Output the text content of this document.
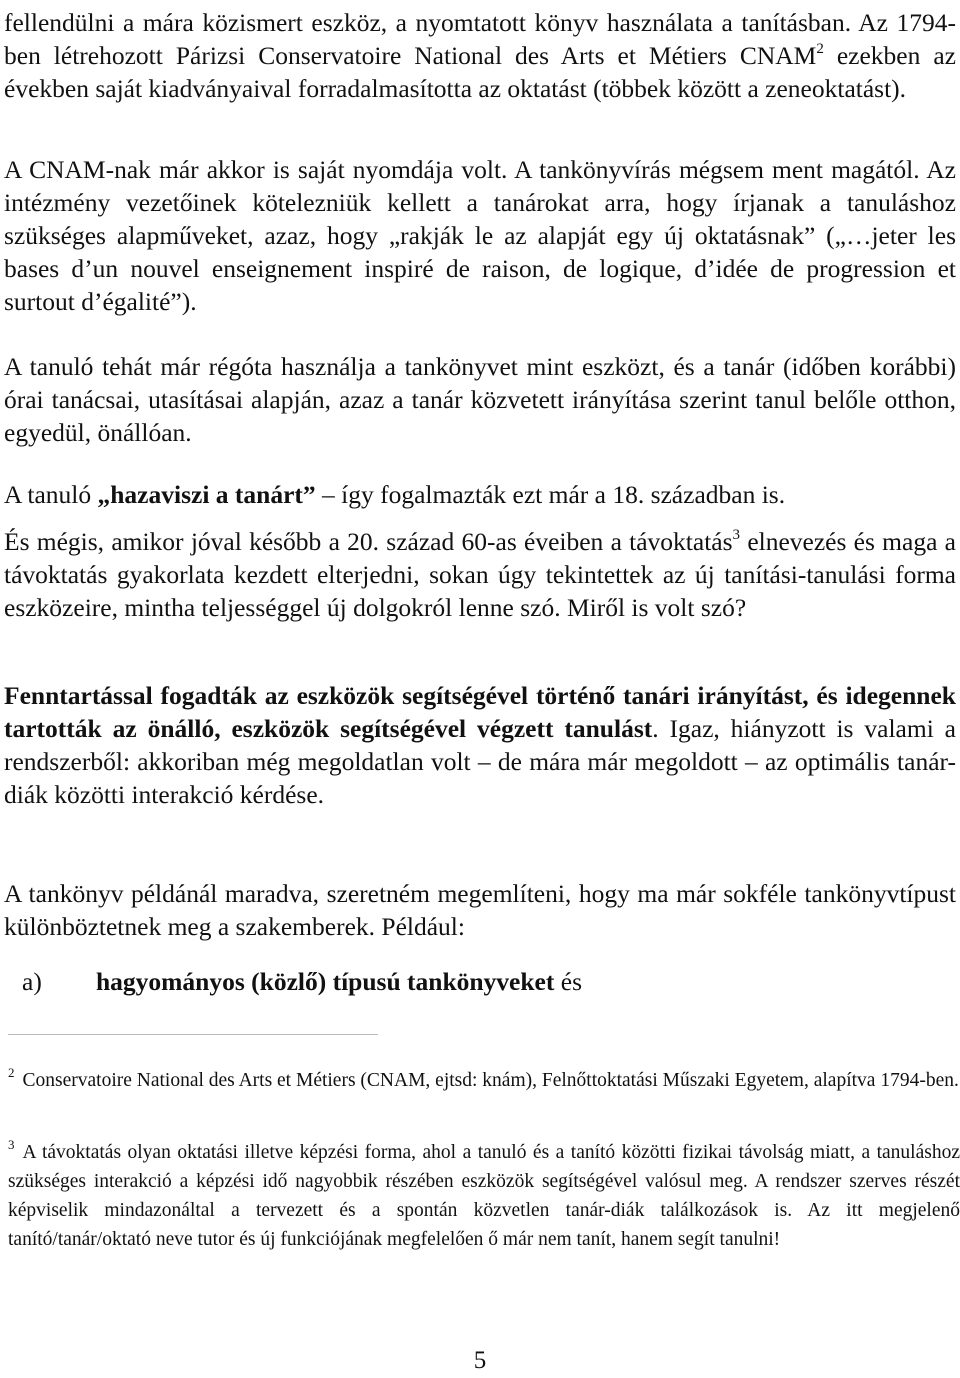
fellendülni a mára közismert eszköz, a nyomtatott könyv használata a tanításban. Az 1794-ben létrehozott Párizsi Conservatoire National des Arts et Métiers CNAM$^2$ ezekben az években saját kiadványaival forradalmasította az oktatást (többek között a zeneoktatást).

A CNAM-nak már akkor is saját nyomdája volt. A tankönyvírás mégsem ment magától. Az intézmény vezetőinek kötelezniük kellett a tanárokat arra, hogy írjanak a tanuláshoz szükséges alapműveket, azaz, hogy „rakják le az alapját egy új oktatásnak” („…jeter les bases d’un nouvel enseignement inspiré de raison, de logique, d’idée de progression et surtout d’égalité”).

A tanuló tehát már régóta használja a tankönyvet mint eszközt, és a tanár (időben korábbi) órai tanácsai, utasításai alapján, azaz a tanár közvetett irányítása szerint tanul belőle otthon, egyedül, önállóan.

A tanuló „hazaviszi a tanárt” – így fogalmazták ezt már a 18. században is.

És mégis, amikor jóval később a 20. század 60-as éveiben a távoktatás$^3$ elnevezés és maga a távoktatás gyakorlata kezdett elterjedni, sokan úgy tekintettek az új tanítási-tanulási forma eszközeire, mintha teljességgel új dolgokról lenne szó. Miről is volt szó?

Fenntartással fogadták az eszközök segítségével történő tanári irányítást, és idegennek tartották az önálló, eszközök segítségével végzett tanulást. Igaz, hiányzott is valami a rendszerből: akkoriban még megoldatlan volt – de mára már megoldott – az optimális tanár-diák közötti interakció kérdése.

A tankönyv példánál maradva, szeretném megemlíteni, hogy ma már sokféle tankönyvtípust különböztetnek meg a szakemberek. Például:

a) hagyományos (közlő) típusú tankönyveket és

$^2$ Conservatoire National des Arts et Métiers (CNAM, ejtsd: knám), Felnőttoktatási Műszaki Egyetem, alapítva 1794-ben.

$^3$ A távoktatás olyan oktatási illetve képzési forma, ahol a tanuló és a tanító közötti fizikai távolság miatt, a tanuláshoz szükséges interakció a képzési idő nagyobbik részében eszközök segítségével valósul meg. A rendszer szerves részét képviselik mindazonáltal a tervezett és a spontán közvetlen tanár-diák találkozások is. Az itt megjelenő tanító/tanár/oktató neve tutor és új funkciójának megfelelően ő már nem tanít, hanem segít tanulni!

5
